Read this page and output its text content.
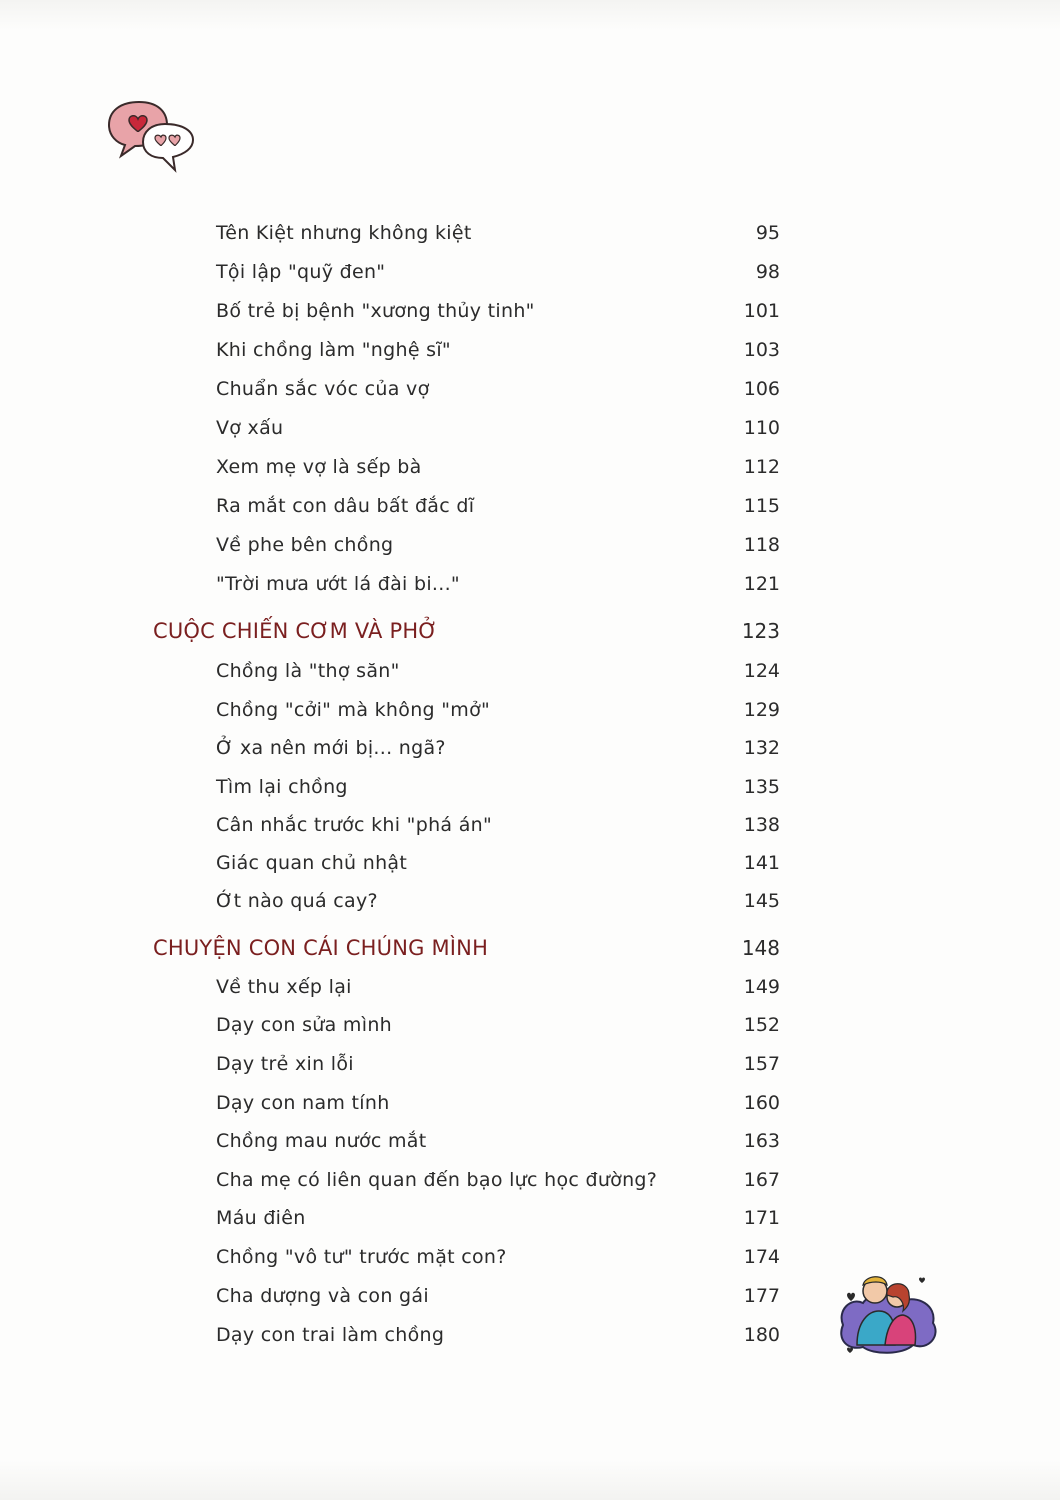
Tên Kiệt nhưng không kiệt	95
Tội lập "quỹ đen"	98
Bố trẻ bị bệnh "xương thủy tinh"	101
Khi chồng làm "nghệ sĩ"	103
Chuẩn sắc vóc của vợ	106
Vợ xấu	110
Xem mẹ vợ là sếp bà	112
Ra mắt con dâu bất đắc dĩ	115
Về phe bên chồng	118
"Trời mưa ướt lá đài bi..."	121
CUỘC CHIẾN CƠM VÀ PHỞ	123
Chồng là "thợ săn"	124
Chồng "cởi" mà không "mở"	129
Ở xa nên mới bị... ngã?	132
Tìm lại chồng	135
Cân nhắc trước khi "phá án"	138
Giác quan chủ nhật	141
Ớt nào quá cay?	145
CHUYỆN CON CÁI CHÚNG MÌNH	148
Về thu xếp lại	149
Dạy con sửa mình	152
Dạy trẻ xin lỗi	157
Dạy con nam tính	160
Chồng mau nước mắt	163
Cha mẹ có liên quan đến bạo lực học đường?	167
Máu điên	171
Chồng "vô tư" trước mặt con?	174
Cha dượng và con gái	177
Dạy con trai làm chồng	180
